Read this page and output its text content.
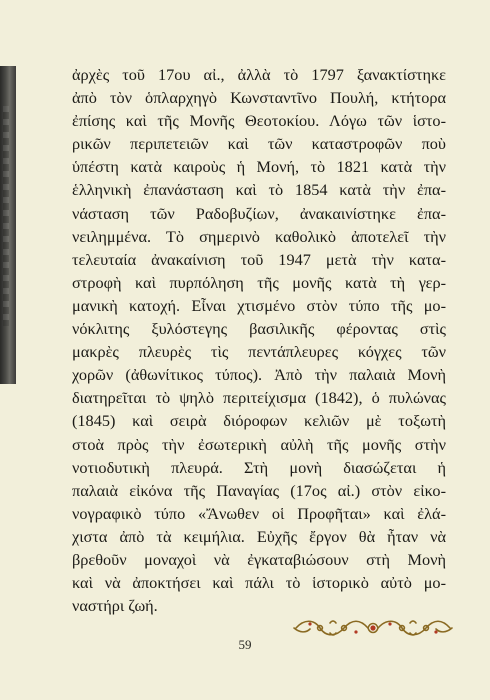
ἀρχὲς τοῦ 17ου αἰ., ἀλλὰ τὸ 1797 ξανακτίστηκε
ἀπὸ τὸν ὁπλαρχηγὸ Κωνσταντῖνο Πουλή, κτήτορα
ἐπίσης καὶ τῆς Μονῆς Θεοτοκίου. Λόγω τῶν ἱστο-
ρικῶν περιπετειῶν καὶ τῶν καταστροφῶν ποὺ
ὑπέστη κατὰ καιροὺς ἡ Μονή, τὸ 1821 κατὰ τὴν
ἑλληνικὴ ἐπανάσταση καὶ τὸ 1854 κατὰ τὴν ἐπα-
νάσταση τῶν Ραδοβυζίων, ἀνακαινίστηκε ἐπα-
νειλημμένα. Τὸ σημερινὸ καθολικὸ ἀποτελεῖ τὴν
τελευταία ἀνακαίνιση τοῦ 1947 μετὰ τὴν κατα-
στροφὴ καὶ πυρπόληση τῆς μονῆς κατὰ τὴ γερ-
μανικὴ κατοχή. Εἶναι χτισμένο στὸν τύπο τῆς μο-
νόκλιτης ξυλόστεγης βασιλικῆς φέροντας στὶς
μακρὲς πλευρὲς τὶς πεντάπλευρες κόγχες τῶν
χορῶν (ἀθωνίτικος τύπος). Ἀπὸ τὴν παλαιὰ Μονὴ
διατηρεῖται τὸ ψηλὸ περιτείχισμα (1842), ὁ πυλώνας
(1845) καὶ σειρὰ διόροφων κελιῶν μὲ τοξωτὴ
στοὰ πρὸς τὴν ἐσωτερικὴ αὐλὴ τῆς μονῆς στὴν
νοτιοδυτικὴ πλευρά. Στὴ μονὴ διασώζεται ἡ
παλαιὰ εἰκόνα τῆς Παναγίας (17ος αἰ.) στὸν εἰκο-
νογραφικὸ τύπο «Ἄνωθεν οἱ Προφῆται» καὶ ἐλά-
χιστα ἀπὸ τὰ κειμήλια. Εὐχῆς ἔργον θὰ ἦταν νὰ
βρεθοῦν μοναχοὶ νὰ ἐγκαταβιώσουν στὴ Μονὴ
καὶ νὰ ἀποκτήσει καὶ πάλι τὸ ἱστορικὸ αὐτὸ μο-
ναστήρι ζωή.
59
